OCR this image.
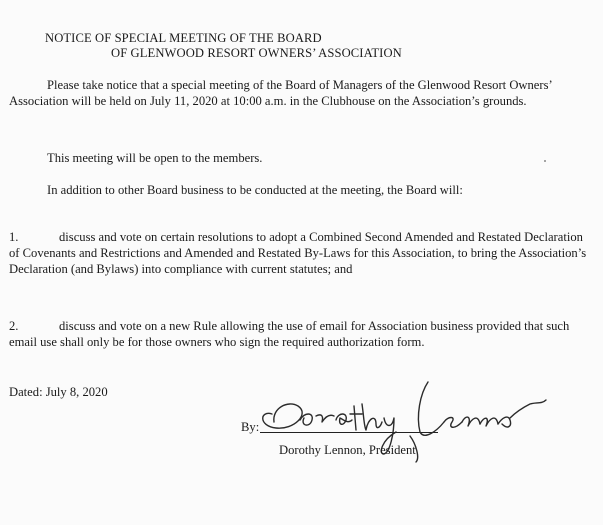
NOTICE OF SPECIAL MEETING OF THE BOARD
OF GLENWOOD RESORT OWNERS’ ASSOCIATION
Please take notice that a special meeting of the Board of Managers of the Glenwood Resort Owners’ Association will be held on July 11, 2020 at 10:00 a.m. in the Clubhouse on the Association’s grounds.
This meeting will be open to the members.
In addition to other Board business to be conducted at the meeting, the Board will:
1.	discuss and vote on certain resolutions to adopt a Combined Second Amended and Restated Declaration of Covenants and Restrictions and Amended and Restated By-Laws for this Association, to bring the Association’s Declaration (and Bylaws) into compliance with current statutes; and
2.	discuss and vote on a new Rule allowing the use of email for Association business provided that such email use shall only be for those owners who sign the required authorization form.
Dated: July 8, 2020
By:
Dorothy Lennon, President
